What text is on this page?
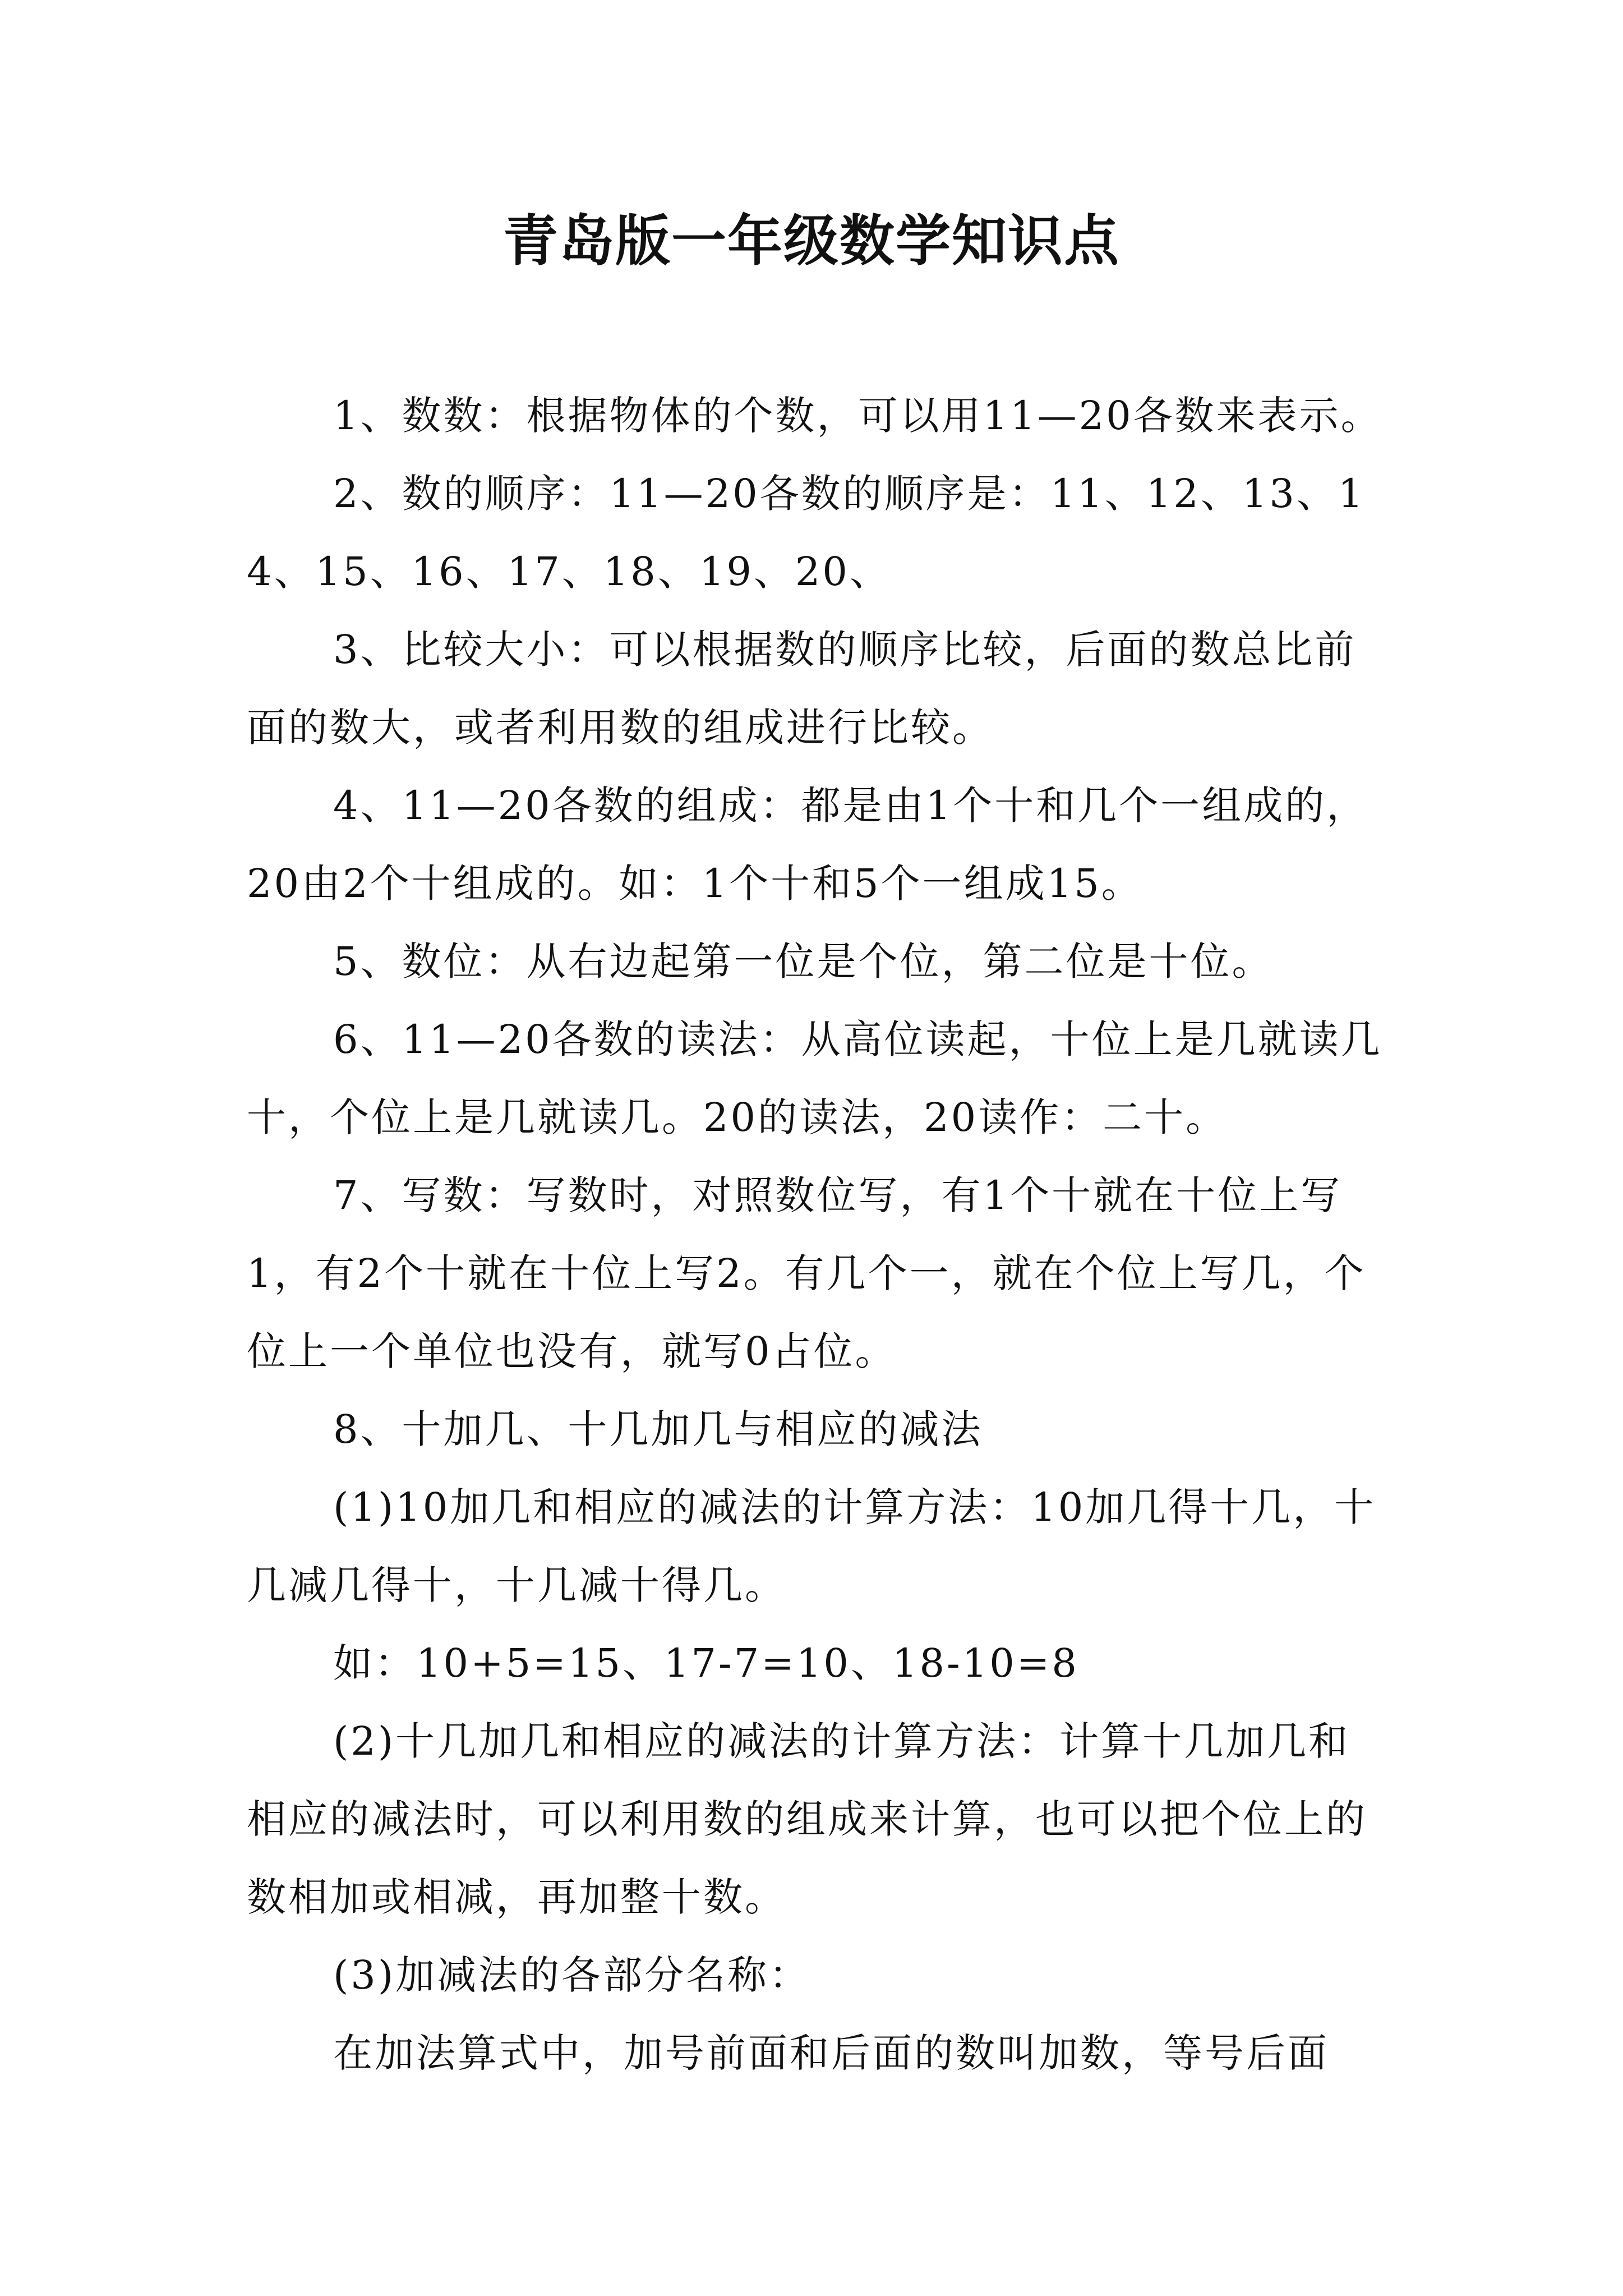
青岛版一年级数学知识点

1、数数：根据物体的个数，可以用11—20各数来表示。

2、数的顺序：11—20各数的顺序是：11、12、13、14、15、16、17、18、19、20、

3、比较大小：可以根据数的顺序比较，后面的数总比前面的数大，或者利用数的组成进行比较。

4、11—20各数的组成：都是由1个十和几个一组成的，20由2个十组成的。如：1个十和5个一组成15。

5、数位：从右边起第一位是个位，第二位是十位。

6、11—20各数的读法：从高位读起，十位上是几就读几十，个位上是几就读几。20的读法，20读作：二十。

7、写数：写数时，对照数位写，有1个十就在十位上写1，有2个十就在十位上写2。有几个一，就在个位上写几，个位上一个单位也没有，就写0占位。

8、十加几、十几加几与相应的减法

(1)10加几和相应的减法的计算方法：10加几得十几，十几减几得十，十几减十得几。

如：10+5=15、17-7=10、18-10=8

(2)十几加几和相应的减法的计算方法：计算十几加几和相应的减法时，可以利用数的组成来计算，也可以把个位上的数相加或相减，再加整十数。

(3)加减法的各部分名称：

在加法算式中，加号前面和后面的数叫加数，等号后面
